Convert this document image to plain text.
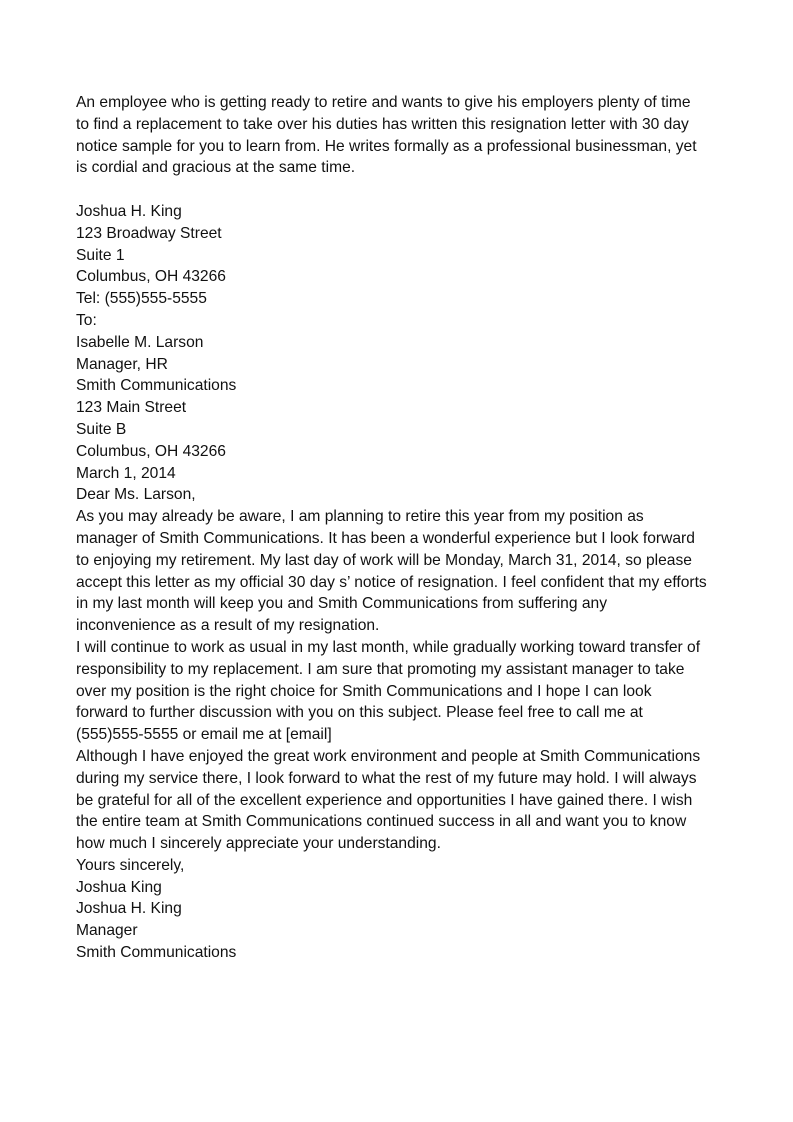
An employee who is getting ready to retire and wants to give his employers plenty of time
to find a replacement to take over his duties has written this resignation letter with 30 day
notice sample for you to learn from. He writes formally as a professional businessman, yet
is cordial and gracious at the same time.
Joshua H. King
123 Broadway Street
Suite 1
Columbus, OH 43266
Tel: (555)555-5555
To:
Isabelle M. Larson
Manager, HR
Smith Communications
123 Main Street
Suite B
Columbus, OH 43266
March 1, 2014
Dear Ms. Larson,
As you may already be aware, I am planning to retire this year from my position as
manager of Smith Communications. It has been a wonderful experience but I look forward
to enjoying my retirement. My last day of work will be Monday, March 31, 2014, so please
accept this letter as my official 30 day s’ notice of resignation. I feel confident that my efforts
in my last month will keep you and Smith Communications from suffering any
inconvenience as a result of my resignation.
I will continue to work as usual in my last month, while gradually working toward transfer of
responsibility to my replacement. I am sure that promoting my assistant manager to take
over my position is the right choice for Smith Communications and I hope I can look
forward to further discussion with you on this subject. Please feel free to call me at
(555)555-5555 or email me at [email]
Although I have enjoyed the great work environment and people at Smith Communications
during my service there, I look forward to what the rest of my future may hold. I will always
be grateful for all of the excellent experience and opportunities I have gained there. I wish
the entire team at Smith Communications continued success in all and want you to know
how much I sincerely appreciate your understanding.
Yours sincerely,
Joshua King
Joshua H. King
Manager
Smith Communications
